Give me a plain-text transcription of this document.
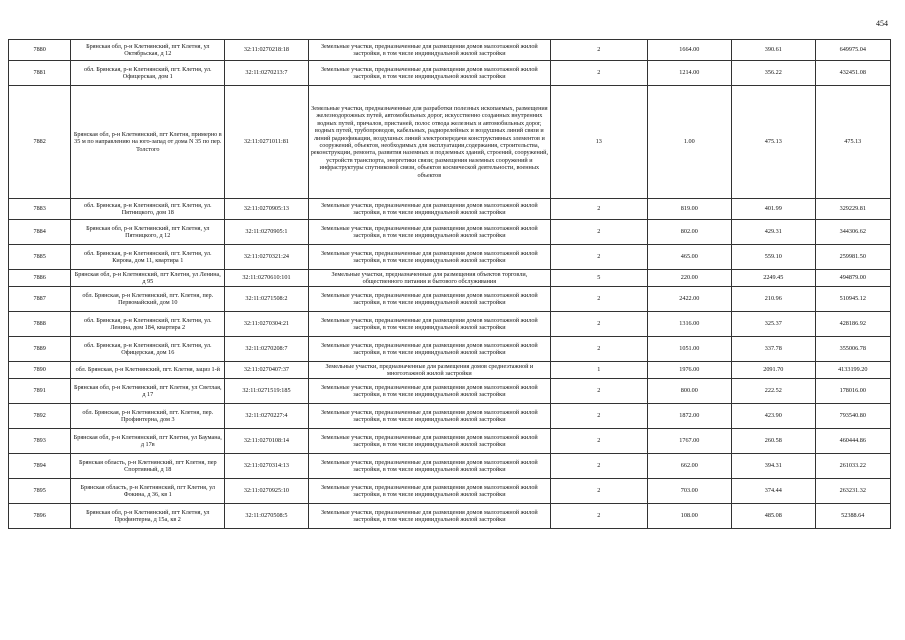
454
7880	Брянская обл, р-н Клетнянский, пгт Клетня, ул Октябрьская, д 12	32:11:0270218:18	Земельные участки, предназначенные для размещения домов малоэтажной жилой застройки, в том числе индивидуальной жилой застройки	2	1664.00	390.61	649975.04
7881	обл. Брянская, р-н Клетнянский, пгт. Клетня, ул. Офицерская, дом 1	32:11:0270213:7	Земельные участки, предназначенные для размещения домов малоэтажной жилой застройки, в том числе индивидуальной жилой застройки	2	1214.00	356.22	432451.08
7882	Брянская обл, р-н Клетнянский, пгт Клетня, примерно в 35 м по направлению на юго-запад от дома N 35 по пер. Толстого	32:11:0271011:81	Земельные участки, предназначенные для разработки полезных ископаемых, размещения железнодорожных путей, автомобильных дорог, искусственно созданных внутренних водных путей, причалов, пристаней, полос отвода железных и автомобильных дорог, водных путей, трубопроводов, кабельных, радиорелейных и воздушных линий связи и линий радиофикации, воздушных линий электропередачи конструктивных элементов и сооружений, объектов, необходимых для эксплуатации,содержания, строительства, реконструкции, ремонта, развития наземных и подземных зданий, строений, сооружений, устройств транспорта, энергетики связи; размещения наземных сооружений и инфраструктуры спутниковой связи, объектов космической деятельности, военных объектов	13	1.00	475.13	475.13
7883	обл. Брянская, р-н Клетнянский, пгт. Клетня, ул. Пятницкого, дом 18	32:11:0270905:13	Земельные участки, предназначенные для размещения домов малоэтажной жилой застройки, в том числе индивидуальной жилой застройки	2	819.00	401.99	329229.81
7884	Брянская обл, р-н Клетнянский, пгт Клетня, ул Пятницкого, д 12	32:11:0270905:1	Земельные участки, предназначенные для размещения домов малоэтажной жилой застройки, в том числе индивидуальной жилой застройки	2	802.00	429.31	344306.62
7885	обл. Брянская, р-н Клетнянский, пгт. Клетня, ул. Кирова, дом 11, квартира 1	32:11:0270321:24	Земельные участки, предназначенные для размещения домов малоэтажной жилой застройки, в том числе индивидуальной жилой застройки	2	465.00	559.10	259981.50
7886	Брянская обл, р-н Клетнянский, пгт Клетня, ул Ленина, д 95	32:11:0270610:101	Земельные участки, предназначенные для размещения объектов торговли, общественного питания и бытового обслуживания	5	220.00	2249.45	494879.00
7887	обл. Брянская, р-н Клетнянский, пгт. Клетня, пер. Первомайский, дом 10	32:11:0271508:2	Земельные участки, предназначенные для размещения домов малоэтажной жилой застройки, в том числе индивидуальной жилой застройки	2	2422.00	210.96	510945.12
7888	обл. Брянская, р-н Клетнянский, пгт. Клетня, ул. Ленина, дом 184, квартира 2	32:11:0270304:21	Земельные участки, предназначенные для размещения домов малоэтажной жилой застройки, в том числе индивидуальной жилой застройки	2	1316.00	325.37	428186.92
7889	обл. Брянская, р-н Клетнянский, пгт. Клетня, ул. Офицерская, дом 16	32:11:0270208:7	Земельные участки, предназначенные для размещения домов малоэтажной жилой застройки, в том числе индивидуальной жилой застройки	2	1051.00	337.78	355006.78
7890	обл. Брянская, р-н Клетнянский, пгт. Клетня, зациз 1-й	32:11:0270407:37	Земельные участки, предназначенные для размещения домов среднеэтажной и многоэтажной жилой застройки	1	1976.00	2091.70	4133199.20
7891	Брянская обл, р-н Клетнянский, пгт Клетня, ул Светлая, д 17	32:11:0271519:185	Земельные участки, предназначенные для размещения домов малоэтажной жилой застройки, в том числе индивидуальной жилой застройки	2	800.00	222.52	178016.00
7892	обл. Брянская, р-н Клетнянский, пгт. Клетня, пер. Профинтерна, дом 3	32:11:0270227:4	Земельные участки, предназначенные для размещения домов малоэтажной жилой застройки, в том числе индивидуальной жилой застройки	2	1872.00	423.90	793540.80
7893	Брянская обл, р-н Клетнянский, пгт Клетня, ул Баумана, д 17в	32:11:0270108:14	Земельные участки, предназначенные для размещения домов малоэтажной жилой застройки, в том числе индивидуальной жилой застройки	2	1767.00	260.58	460444.86
7894	Брянская область, р-н Клетнянский, пгт Клетня, пер Спортивный, д 18	32:11:0270314:13	Земельные участки, предназначенные для размещения домов малоэтажной жилой застройки, в том числе индивидуальной жилой застройки	2	662.00	394.31	261033.22
7895	Брянская область, р-н Клетнянский, пгт Клетня, ул Фокина, д 36, кв 1	32:11:0270925:10	Земельные участки, предназначенные для размещения домов малоэтажной жилой застройки, в том числе индивидуальной жилой застройки	2	703.00	374.44	263231.32
7896	Брянская обл, р-н Клетнянский, пгт Клетня, ул Профинтерна, д 15а, кв 2	32:11:0270508:5	Земельные участки, предназначенные для размещения домов малоэтажной жилой застройки, в том числе индивидуальной жилой застройки	2	108.00	485.08	52388.64
